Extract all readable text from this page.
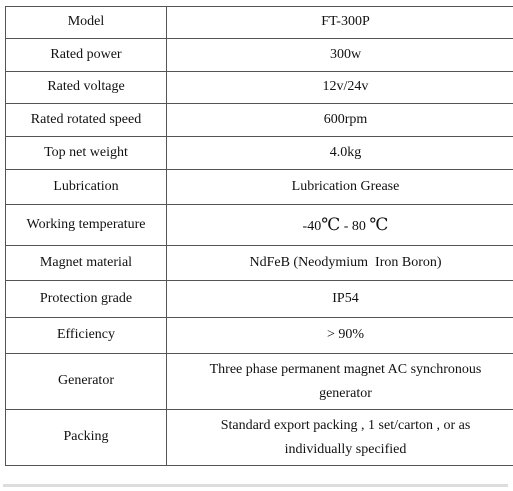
Model	FT-300P
Rated power	300w
Rated voltage	12v/24v
Rated rotated speed	600rpm
Top net weight	4.0kg
Lubrication	Lubrication Grease
Working temperature	-40℃ - 80 ℃
Magnet material	NdFeB (Neodymium  Iron Boron)
Protection grade	IP54
Efficiency	> 90%
Generator	Three phase permanent magnet AC synchronous
generator

Packing	Standard export packing , 1 set/carton , or as
individually specified
